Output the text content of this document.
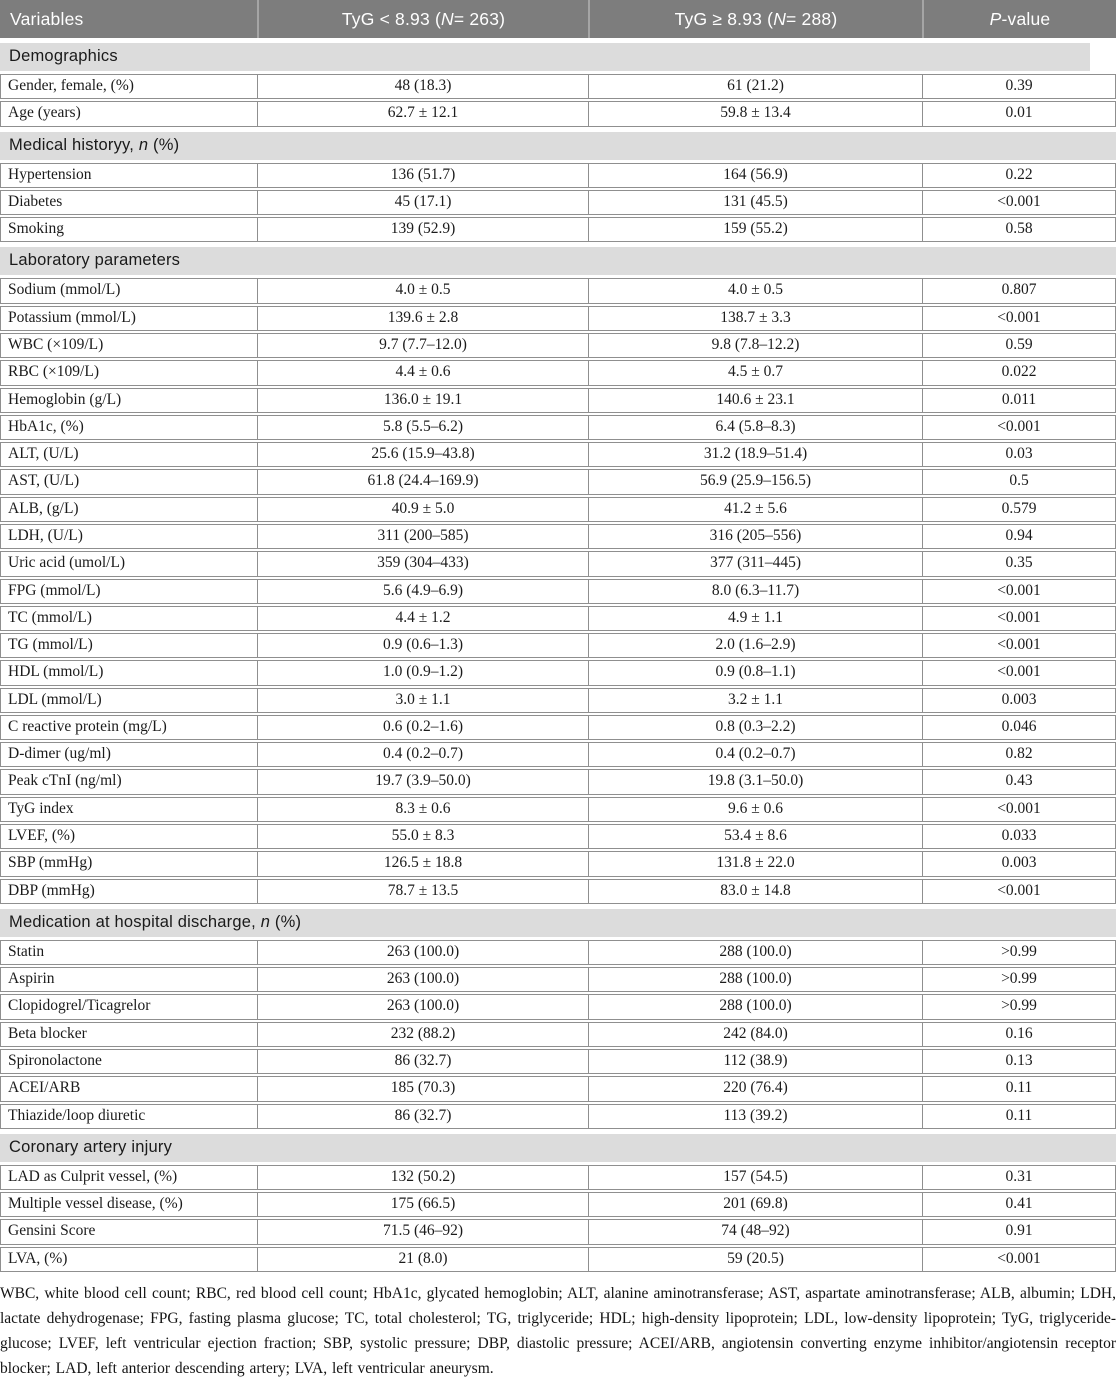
Variables	TyG < 8.93 ( N = 263)	TyG ≥ 8.93 ( N = 288)	P -value
Demographics
Gender, female, (%)	48 (18.3)	61 (21.2)	0.39
Age (years)	62.7 ± 12.1	59.8 ± 13.4	0.01
Medical historyy, n (%)
Hypertension	136 (51.7)	164 (56.9)	0.22
Diabetes	45 (17.1)	131 (45.5)	<0.001
Smoking	139 (52.9)	159 (55.2)	0.58
Laboratory parameters
Sodium (mmol/L)	4.0 ± 0.5	4.0 ± 0.5	0.807
Potassium (mmol/L)	139.6 ± 2.8	138.7 ± 3.3	<0.001
WBC (×109/L)	9.7 (7.7–12.0)	9.8 (7.8–12.2)	0.59
RBC (×109/L)	4.4 ± 0.6	4.5 ± 0.7	0.022
Hemoglobin (g/L)	136.0 ± 19.1	140.6 ± 23.1	0.011
HbA1c, (%)	5.8 (5.5–6.2)	6.4 (5.8–8.3)	<0.001
ALT, (U/L)	25.6 (15.9–43.8)	31.2 (18.9–51.4)	0.03
AST, (U/L)	61.8 (24.4–169.9)	56.9 (25.9–156.5)	0.5
ALB, (g/L)	40.9 ± 5.0	41.2 ± 5.6	0.579
LDH, (U/L)	311 (200–585)	316 (205–556)	0.94
Uric acid (umol/L)	359 (304–433)	377 (311–445)	0.35
FPG (mmol/L)	5.6 (4.9–6.9)	8.0 (6.3–11.7)	<0.001
TC (mmol/L)	4.4 ± 1.2	4.9 ± 1.1	<0.001
TG (mmol/L)	0.9 (0.6–1.3)	2.0 (1.6–2.9)	<0.001
HDL (mmol/L)	1.0 (0.9–1.2)	0.9 (0.8–1.1)	<0.001
LDL (mmol/L)	3.0 ± 1.1	3.2 ± 1.1	0.003
C reactive protein (mg/L)	0.6 (0.2–1.6)	0.8 (0.3–2.2)	0.046
D-dimer (ug/ml)	0.4 (0.2–0.7)	0.4 (0.2–0.7)	0.82
Peak cTnI (ng/ml)	19.7 (3.9–50.0)	19.8 (3.1–50.0)	0.43
TyG index	8.3 ± 0.6	9.6 ± 0.6	<0.001
LVEF, (%)	55.0 ± 8.3	53.4 ± 8.6	0.033
SBP (mmHg)	126.5 ± 18.8	131.8 ± 22.0	0.003
DBP (mmHg)	78.7 ± 13.5	83.0 ± 14.8	<0.001
Medication at hospital discharge, n (%)
Statin	263 (100.0)	288 (100.0)	>0.99
Aspirin	263 (100.0)	288 (100.0)	>0.99
Clopidogrel/Ticagrelor	263 (100.0)	288 (100.0)	>0.99
Beta blocker	232 (88.2)	242 (84.0)	0.16
Spironolactone	86 (32.7)	112 (38.9)	0.13
ACEI/ARB	185 (70.3)	220 (76.4)	0.11
Thiazide/loop diuretic	86 (32.7)	113 (39.2)	0.11
Coronary artery injury
LAD as Culprit vessel, (%)	132 (50.2)	157 (54.5)	0.31
Multiple vessel disease, (%)	175 (66.5)	201 (69.8)	0.41
Gensini Score	71.5 (46–92)	74 (48–92)	0.91
LVA, (%)	21 (8.0)	59 (20.5)	<0.001
WBC, white blood cell count; RBC, red blood cell count; HbA1c, glycated hemoglobin; ALT, alanine aminotransferase; AST, aspartate aminotransferase; ALB, albumin; LDH, lactate dehydrogenase; FPG, fasting plasma glucose; TC, total cholesterol; TG, triglyceride; HDL; high-density lipoprotein; LDL, low-density lipoprotein; TyG, triglyceride-glucose; LVEF, left ventricular ejection fraction; SBP, systolic pressure; DBP, diastolic pressure; ACEI/ARB, angiotensin converting enzyme inhibitor/angiotensin receptor blocker; LAD, left anterior descending artery; LVA, left ventricular aneurysm.
